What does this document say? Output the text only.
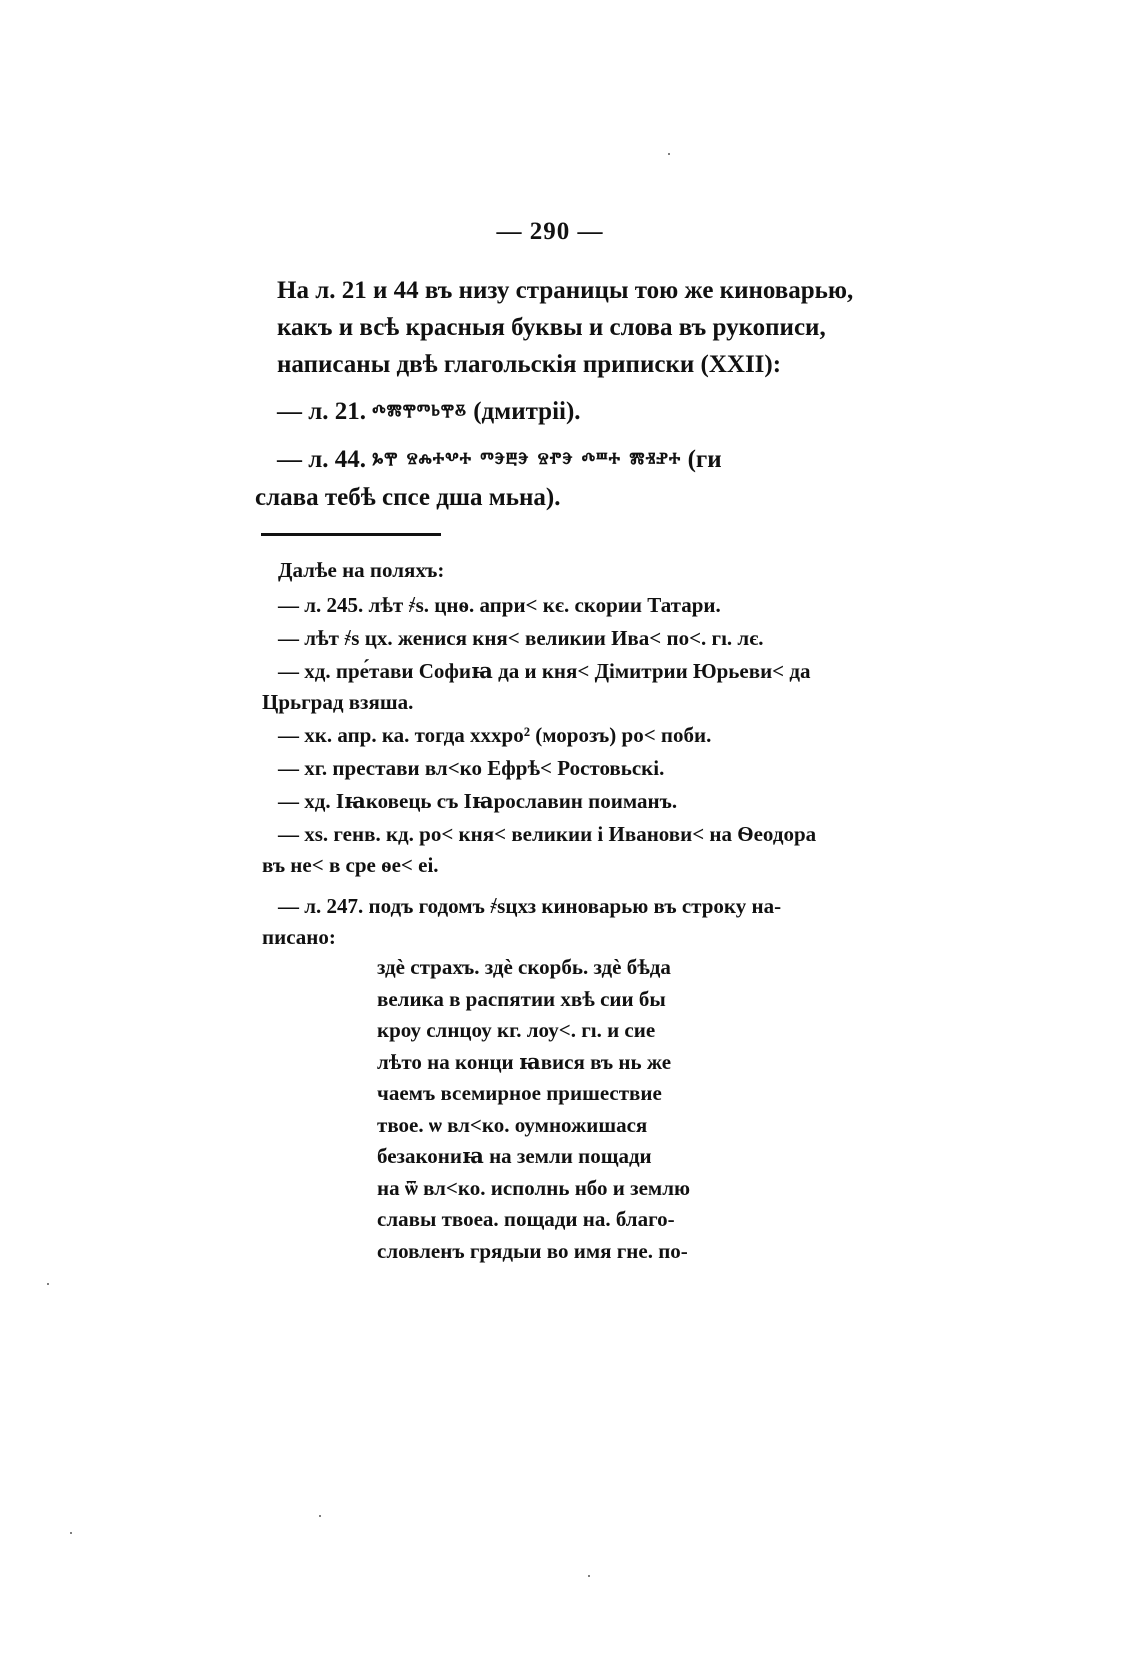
— 290 —

На л. 21 и 44 въ низу страницы тою же киноварью, какъ и всѣ красныя буквы и слова въ рукописи, написаны двѣ глагольскія приписки (XXII):

— л. 21. ⰴⰿⰹⱅⱃⰹⰻ (дмитріі).

— л. 44. ⰳⰹ ⱄⰾⰰⰲⰰ ⱅⰵⰱⰵ ⱄⱂⰵ ⰴⱎⰰ ⰿⱐⱀⰰ (ги

слава тебѣ спсе дша мьна).

Далѣе на поляхъ:

— л. 245. лѣт ҂s. цнѳ. апри˂ кє. скории Татари.

— лѣт ҂s цх. женися кня˂ великии Ива˂ по˂. гı. лє.

— хд. пре́тави Софиꙗ да и кня˂ Дімитрии Юрьеви˂ да

Црьград взяша.

— хк. апр. ка. тогда хххро² (морозъ) ро˂ поби.

— хг. престави вл˂ко Ефрѣ˂ Ростовьскі.

— хд. Іꙗковець съ Іꙗрославин поиманъ.

— хs. генв. кд. ро˂ кня˂ великии і Иванови˂ на Ѳеодора

въ не˂ в сре ѳе˂ еі.

— л. 247. подъ годомъ ҂sцхз киноварью въ строку на-

писано:

здѐ страхъ. здѐ скорбь. здѐ бѣда
велика в распятии хвѣ сии бы
кроу слнцоу кг. лоу˂. гı. и сие
лѣто на конци ꙗвися въ нь же
чаемъ всемирное пришествие
твое. ѡ вл˂ко. оумножишася
безакониꙗ на земли пощади
на ѿ вл˂ко. исполнь нбо и землю
славы твоеа. пощади на. благо-
словленъ грядыи во имя гне. по-
